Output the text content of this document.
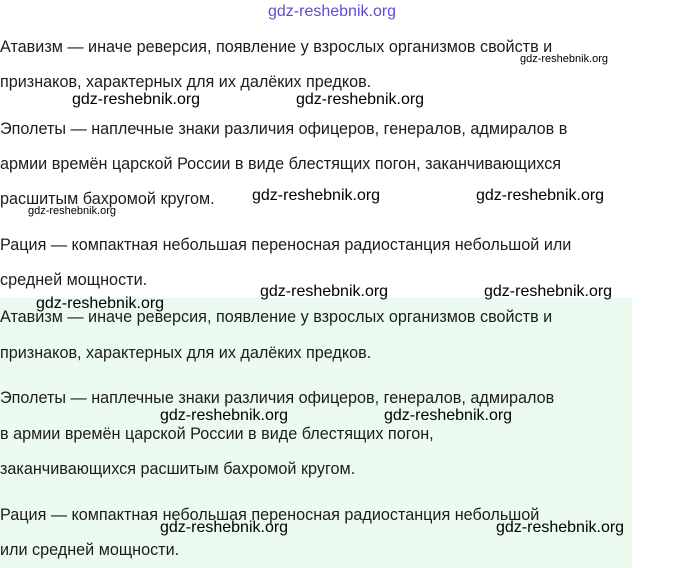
gdz-reshebnik.org
Атавизм — иначе реверсия, появление у взрослых организмов свойств и
признаков, характерных для их далёких предков.
Эполеты — наплечные знаки различия офицеров, генералов, адмиралов в
армии времён царской России в виде блестящих погон, заканчивающихся
расшитым бахромой кругом.
Рация — компактная небольшая переносная радиостанция небольшой или
средней мощности.
Атавизм — иначе реверсия, появление у взрослых организмов свойств и
признаков, характерных для их далёких предков.
Эполеты — наплечные знаки различия офицеров, генералов, адмиралов
в армии времён царской России в виде блестящих погон,
заканчивающихся расшитым бахромой кругом.
Рация — компактная небольшая переносная радиостанция небольшой
или средней мощности.
gdz-reshebnik.org
gdz-reshebnik.org	gdz-reshebnik.org
gdz-reshebnik.org	gdz-reshebnik.org
gdz-reshebnik.org
gdz-reshebnik.org	gdz-reshebnik.org
gdz-reshebnik.org
gdz-reshebnik.org	gdz-reshebnik.org
gdz-reshebnik.org	gdz-reshebnik.org
